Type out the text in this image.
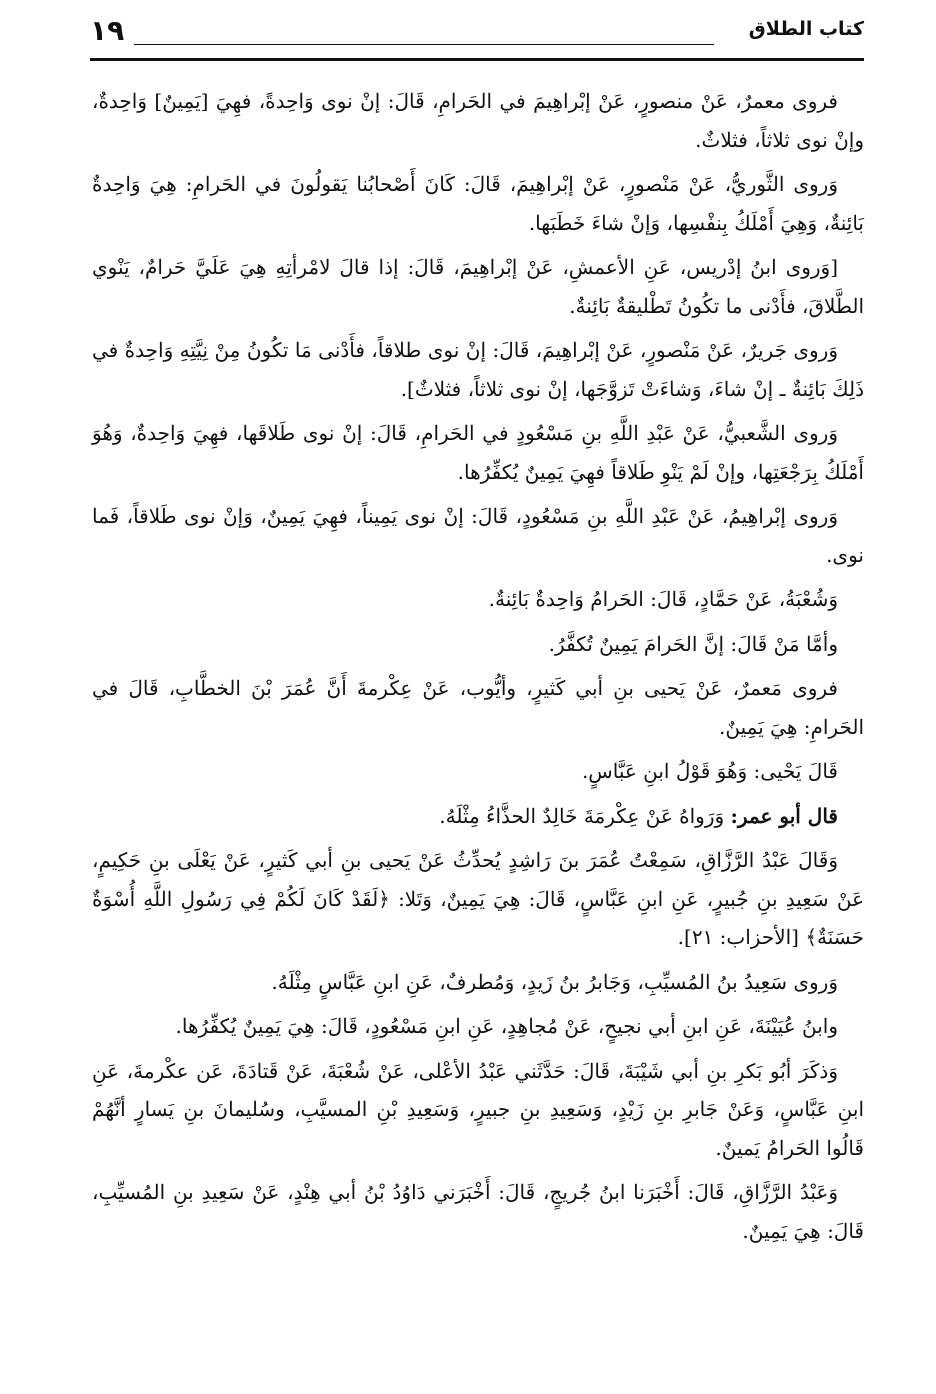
كتاب الطلاق
١٩

فروى معمرٌ، عَنْ منصورٍ، عَنْ إبْراهِيمَ في الحَرامِ، قَالَ: إنْ نوى وَاحِدةً، فهِيَ [يَمِينٌ] وَاحِدةٌ، وإنْ نوى ثلاثاً، فثلاثٌ.

وَروى الثَّوريُّ، عَنْ مَنْصورٍ، عَنْ إبْراهِيمَ، قَالَ: كَانَ أَصْحابُنا يَقولُونَ في الحَرامِ: هِيَ وَاحِدةٌ بَائِنةٌ، وَهِيَ أَمْلَكُ بِنفْسِها، وَإنْ شاءَ خَطَبَها.

[وَروى ابنُ إدْريس، عَنِ الأعمشِ، عَنْ إبْراهِيمَ، قَالَ: إذا قالَ لامْرأتِهِ هِيَ عَلَيَّ حَرامٌ، يَنْوي الطَّلاقَ، فأَدْنى ما تكُونُ تَطْليقةٌ بَائِنةٌ.

وَروى جَريرٌ، عَنْ مَنْصورٍ، عَنْ إبْراهِيمَ، قَالَ: إنْ نوى طلاقاً، فأَدْنى مَا تكُونُ مِنْ نِيَّتِهِ وَاحِدةٌ في ذَلِكَ بَائِنةٌ ـ إنْ شاءَ، وَشاءَتْ تَزوَّجَها، إنْ نوى ثلاثاً، فثلاثٌ].

وَروى الشَّعبيُّ، عَنْ عَبْدِ اللَّهِ بنِ مَسْعُودٍ في الحَرامِ، قَالَ: إنْ نوى طَلاقَها، فهِيَ وَاحِدةٌ، وَهُوَ أَمْلَكُ بِرَجْعَتِها، وإنْ لَمْ يَنْوِ طَلاقاً فهِيَ يَمِينٌ يُكفِّرُها.

وَروى إبْراهِيمُ، عَنْ عَبْدِ اللَّهِ بنِ مَسْعُودٍ، قَالَ: إنْ نوى يَمِيناً، فهِيَ يَمِينٌ، وَإنْ نوى طَلاقاً، فَما نوى.

وَشُعْبَةُ، عَنْ حَمَّادٍ، قَالَ: الحَرامُ وَاحِدةٌ بَائِنةٌ.

وأمَّا مَنْ قَالَ: إنَّ الحَرامَ يَمِينٌ تُكفَّرُ.

فروى مَعمرٌ، عَنْ يَحيى بنِ أبي كَثيرٍ، وأيُّوب، عَنْ عِكْرمةَ أَنَّ عُمَرَ بْنَ الخطَّابِ، قَالَ في الحَرامِ: هِيَ يَمِينٌ.

قَالَ يَحْيى: وَهُوَ قَوْلُ ابنِ عَبَّاسٍ.

قال أبو عمر: وَرَواهُ عَنْ عِكْرمَةَ خَالِدٌ الحذَّاءُ مِثْلَهُ.

وَقَالَ عَبْدُ الرَّزَّاقِ، سَمِعْتُ عُمَرَ بنَ رَاشِدٍ يُحدِّثُ عَنْ يَحيى بنِ أبي كَثيرٍ، عَنْ يَعْلَى بنِ حَكِيمٍ، عَنْ سَعِيدِ بنِ جُبيرٍ، عَنِ ابنِ عَبَّاسٍ، قَالَ: هِيَ يَمِينٌ، وَتَلا: ﴿لَقَدْ كَانَ لَكُمْ فِي رَسُولِ اللَّهِ أُسْوَةٌ حَسَنَةٌ﴾ [الأحزاب: ٢١].

وَروى سَعِيدُ بنُ المُسيِّبِ، وَجَابرُ بنُ زَيدٍ، وَمُطرفٌ، عَنِ ابنِ عَبَّاسٍ مِثْلَهُ.

وابنُ عُيَيْنَةَ، عَنِ ابنِ أبي نجيحٍ، عَنْ مُجاهِدٍ، عَنِ ابنِ مَسْعُودٍ، قَالَ: هِيَ يَمِينٌ يُكفِّرُها.

وَذكَرَ أبُو بَكرِ بنِ أبي شَيْبَةَ، قَالَ: حَدَّثَني عَبْدُ الأعْلى، عَنْ شُعْبَةَ، عَنْ قَتادَةَ، عَن عكْرمةَ، عَنِ ابنِ عَبَّاسٍ، وَعَنْ جَابرِ بنِ زَيْدٍ، وَسَعِيدِ بنِ جبيرٍ، وَسَعِيدِ بْنِ المسيَّبِ، وسُليمانَ بنِ يَسارٍ أنَّهُمْ قَالُوا الحَرامُ يَمينٌ.

وَعَبْدُ الرَّزَّاقِ، قَالَ: أَخْبَرَنا ابنُ جُريجٍ، قَالَ: أَخْبَرَني دَاوُدُ بْنُ أبي هِنْدٍ، عَنْ سَعِيدِ بنِ المُسيِّبِ، قَالَ: هِيَ يَمِينٌ.
